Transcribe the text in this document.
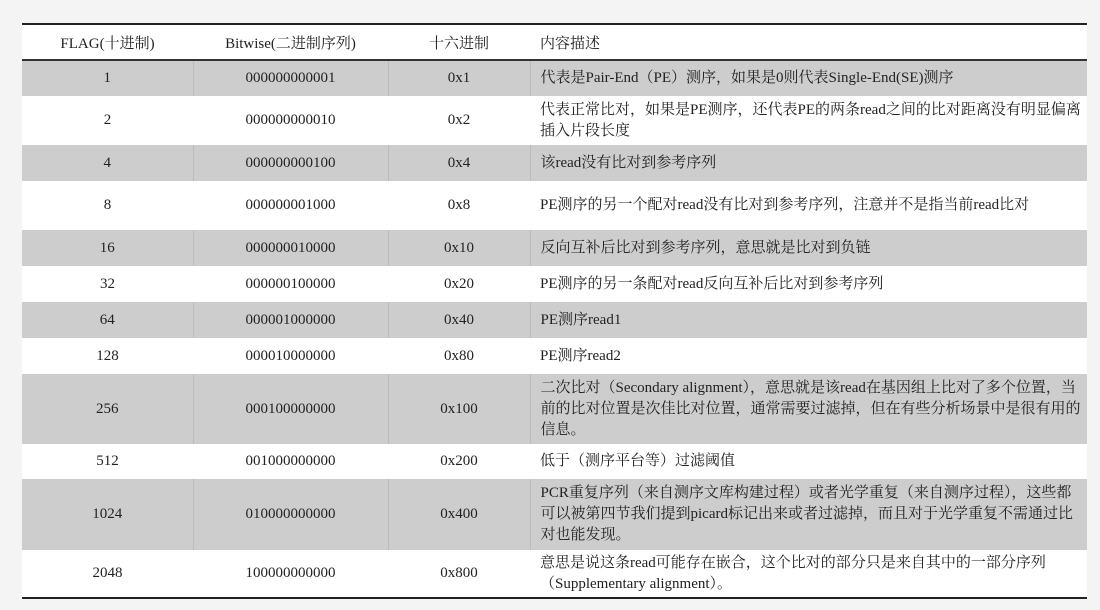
FLAG(十进制)	Bitwise(二进制序列)	十六进制	内容描述
1	000000000001	0x1	代表是Pair-End（PE）测序，如果是0则代表Single-End(SE)测序
2	000000000010	0x2	代表正常比对，如果是PE测序，还代表PE的两条read之间的比对距离没有明显偏离插入片段长度
4	000000000100	0x4	该read没有比对到参考序列
8	000000001000	0x8	PE测序的另一个配对read没有比对到参考序列，注意并不是指当前read比对
16	000000010000	0x10	反向互补后比对到参考序列，意思就是比对到负链
32	000000100000	0x20	PE测序的另一条配对read反向互补后比对到参考序列
64	000001000000	0x40	PE测序read1
128	000010000000	0x80	PE测序read2
256	000100000000	0x100	二次比对（Secondary alignment），意思就是该read在基因组上比对了多个位置，当前的比对位置是次佳比对位置，通常需要过滤掉，但在有些分析场景中是很有用的信息。
512	001000000000	0x200	低于（测序平台等）过滤阈值
1024	010000000000	0x400	PCR重复序列（来自测序文库构建过程）或者光学重复（来自测序过程），这些都可以被第四节我们提到picard标记出来或者过滤掉，而且对于光学重复不需通过比对也能发现。
2048	100000000000	0x800	意思是说这条read可能存在嵌合，这个比对的部分只是来自其中的一部分序列（Supplementary alignment）。
